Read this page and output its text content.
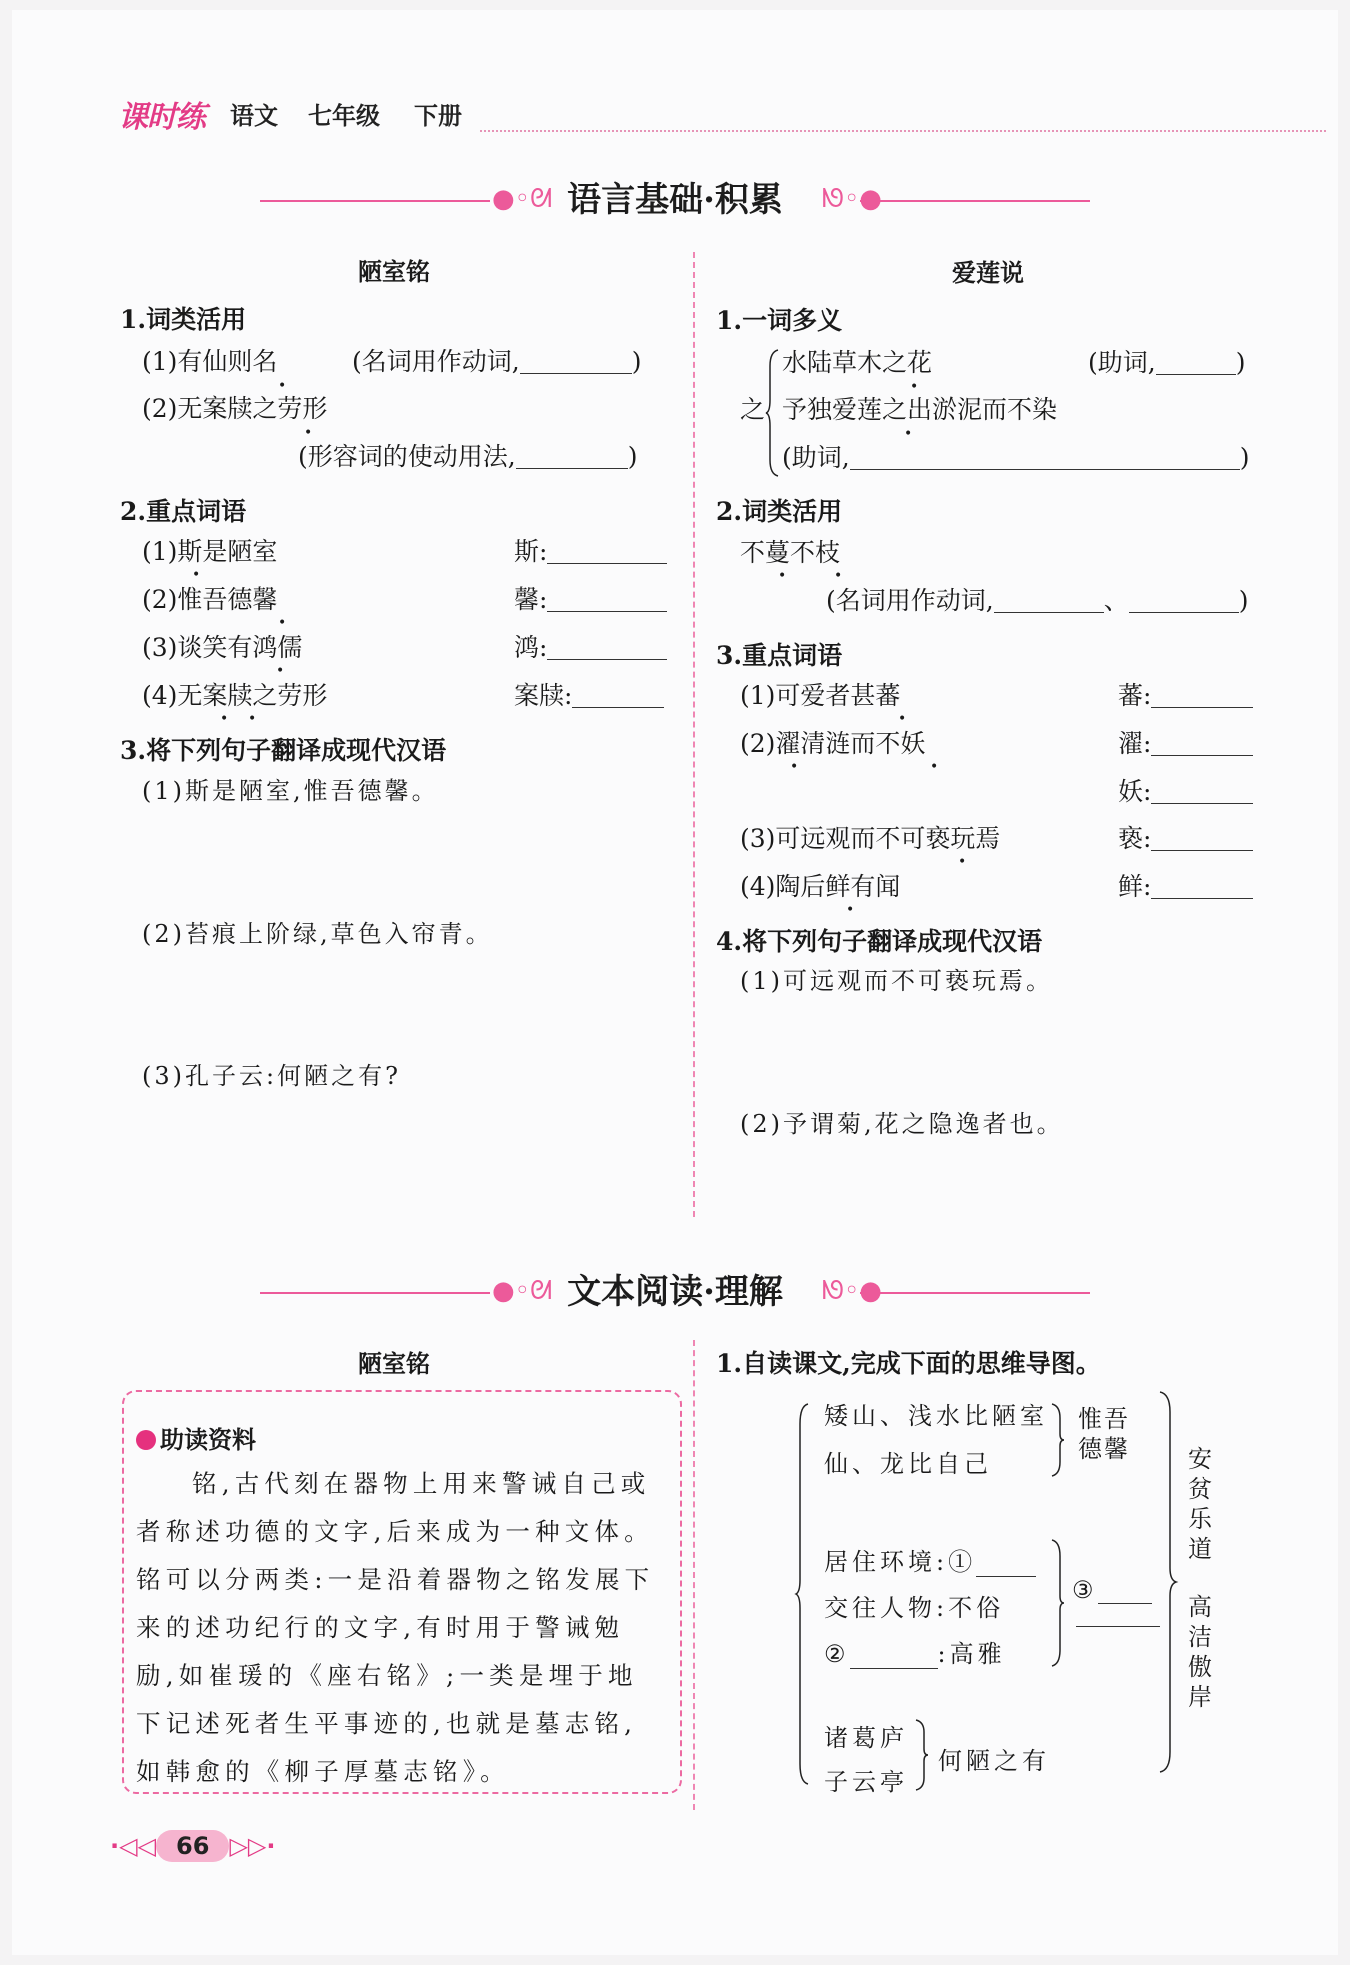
课时练 语文 七年级 下册
●◦ᘛ 语言基础·积累	ᘚ◦●
陋室铭
1.词类活用
(1)有仙则名
•
(名词用作动词,	)
(2)无案牍之劳形
•
(形容词的使动用法,	)
2.重点词语
(1)斯是陋室
•
斯:
(2)惟吾德馨
•
馨:
(3)谈笑有鸿儒
•
鸿:
(4)无案牍之劳形
• •
案牍:
3.将下列句子翻译成现代汉语
(1)斯是陋室,惟吾德馨。
(2)苔痕上阶绿,草色入帘青。
(3)孔子云:何陋之有?
爱莲说
1.一词多义
之
水陆草木之花
•
(助词,	)
予独爱莲之出淤泥而不染
•
(助词,	)
2.词类活用
不蔓不枝
•	•
(名词用作动词,	、	)
3.重点词语
(1)可爱者甚蕃
•
蕃:
(2)濯清涟而不妖
•	•
濯:
妖:
(3)可远观而不可亵玩焉
•
亵:
(4)陶后鲜有闻
•
鲜:
4.将下列句子翻译成现代汉语
(1)可远观而不可亵玩焉。
(2)予谓菊,花之隐逸者也。
●◦ᘛ 文本阅读·理解	ᘚ◦●
陋室铭
助读资料
铭,古代刻在器物上用来警诫自己或者称述功德的文字,后来成为一种文体。铭可以分两类:一是沿着器物之铭发展下来的述功纪行的文字,有时用于警诫勉励,如崔瑗的《座右铭》;一类是埋于地下记述死者生平事迹的,也就是墓志铭,如韩愈的《柳子厚墓志铭》。
1.自读课文,完成下面的思维导图。
矮山、浅水比陋室
仙、龙比自己
惟吾德馨
居住环境:①
交往人物:不俗
②	:高雅
③
诸葛庐
子云亭
何陋之有
安贫乐道
高洁傲岸
·◁◁ 66 ▷▷·
